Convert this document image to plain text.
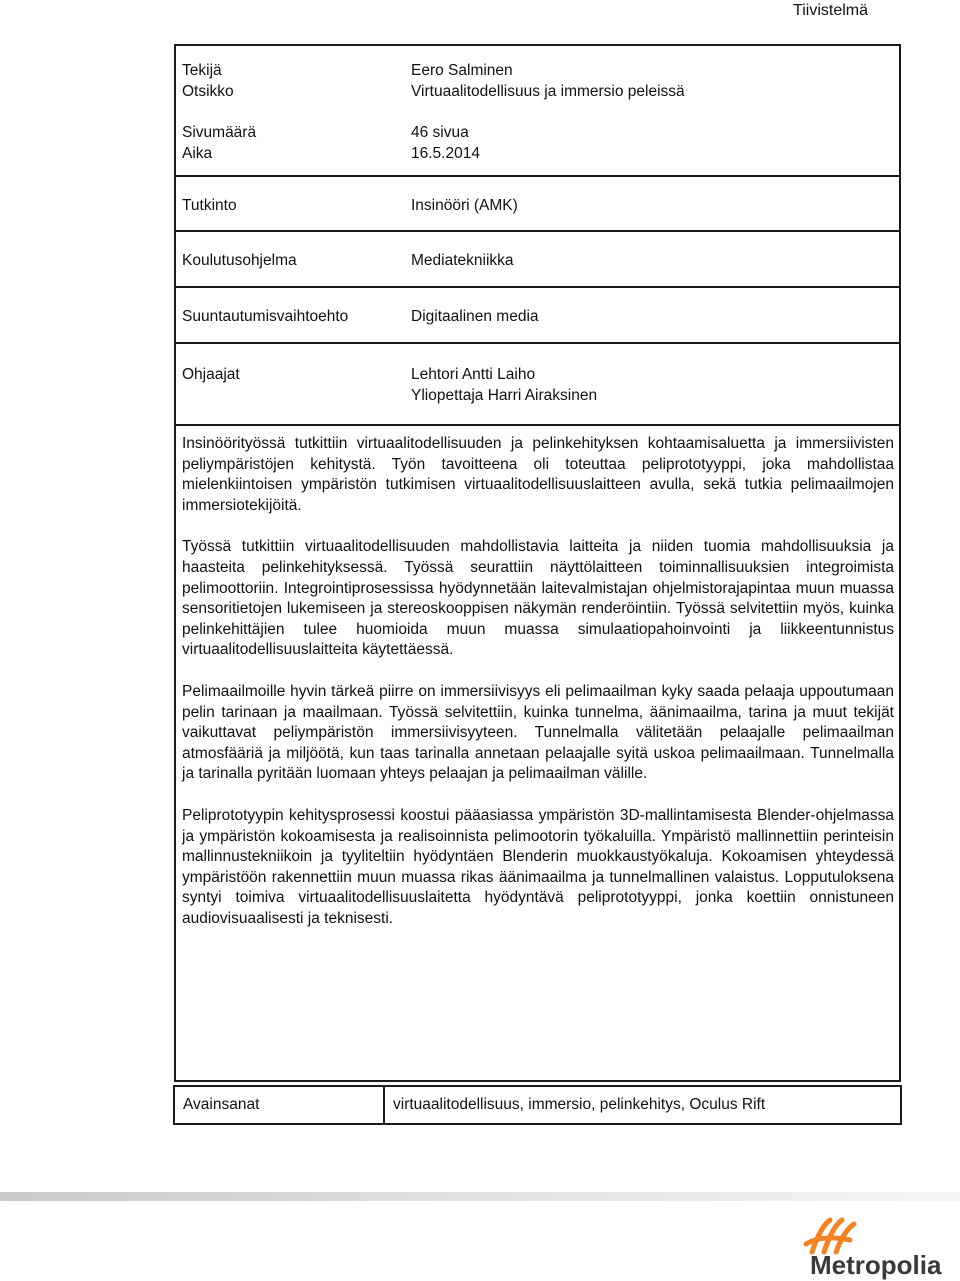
Tiivistelmä
Tekijä	Eero Salminen
Otsikko	Virtuaalitodellisuus ja immersio peleissä
Sivumäärä	46 sivua
Aika	16.5.2014
Tutkinto	Insinööri (AMK)
Koulutusohjelma	Mediatekniikka
Suuntautumisvaihtoehto	Digitaalinen media
Ohjaajat	Lehtori Antti Laiho
Yliopettaja Harri Airaksinen

Insinöörityössä tutkittiin virtuaalitodellisuuden ja pelinkehityksen kohtaamisaluetta ja immersiivisten peliympäristöjen kehitystä. Työn tavoitteena oli toteuttaa peliprototyyppi, joka mahdollistaa mielenkiintoisen ympäristön tutkimisen virtuaalitodellisuuslaitteen avulla, sekä tutkia pelimaailmojen immersiotekijöitä.

Työssä tutkittiin virtuaalitodellisuuden mahdollistavia laitteita ja niiden tuomia mahdollisuuksia ja haasteita pelinkehityksessä. Työssä seurattiin näyttölaitteen toiminnallisuuksien integroimista pelimoottoriin. Integrointiprosessissa hyödynnetään laitevalmistajan ohjelmistorajapintaa muun muassa sensoritietojen lukemiseen ja stereoskooppisen näkymän renderöintiin. Työssä selvitettiin myös, kuinka pelinkehittäjien tulee huomioida muun muassa simulaatiopahoinvointi ja liikkeentunnistus virtuaalitodellisuuslaitteita käytettäessä.

Pelimaailmoille hyvin tärkeä piirre on immersiivisyys eli pelimaailman kyky saada pelaaja uppoutumaan pelin tarinaan ja maailmaan. Työssä selvitettiin, kuinka tunnelma, äänimaailma, tarina ja muut tekijät vaikuttavat peliympäristön immersiivisyyteen. Tunnelmalla välitetään pelaajalle pelimaailman atmosfääriä ja miljöötä, kun taas tarinalla annetaan pelaajalle syitä uskoa pelimaailmaan. Tunnelmalla ja tarinalla pyritään luomaan yhteys pelaajan ja pelimaailman välille.

Peliprototyypin kehitysprosessi koostui pääasiassa ympäristön 3D-mallintamisesta Blender-ohjelmassa ja ympäristön kokoamisesta ja realisoinnista pelimootorin työkaluilla. Ympäristö mallinnettiin perinteisin mallinnustekniikoin ja tyyliteltiin hyödyntäen Blenderin muokkaustyökaluja. Kokoamisen yhteydessä ympäristöön rakennettiin muun muassa rikas äänimaailma ja tunnelmallinen valaistus. Lopputuloksena syntyi toimiva virtuaalitodellisuuslaitetta hyödyntävä peliprototyyppi, jonka koettiin onnistuneen audiovisuaalisesti ja teknisesti.

Avainsanat	virtuaalitodellisuus, immersio, pelinkehitys, Oculus Rift
Metropolia
